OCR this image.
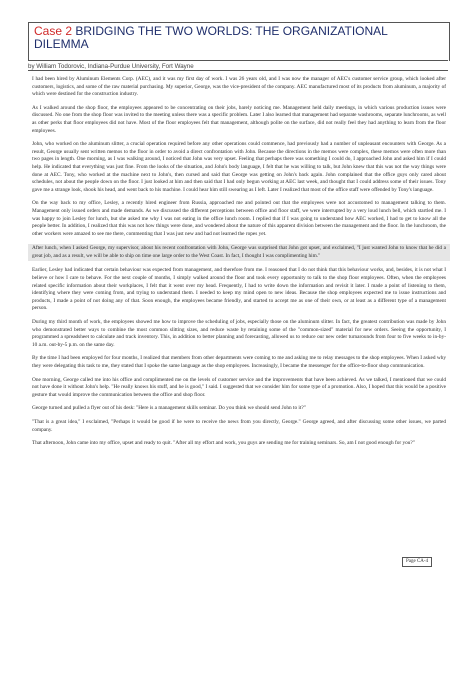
Case 2 BRIDGING THE TWO WORLDS: THE ORGANIZATIONAL DILEMMA
by William Todorovic, Indiana-Purdue University, Fort Wayne

I had been hired by Aluminum Elements Corp. (AEC), and it was my first day of work. I was 26 years old, and I was now the manager of AEC's customer service group, which looked after customers, logistics, and some of the raw material purchasing. My superior, George, was the vice-president of the company. AEC manufactured most of its products from aluminum, a majority of which were destined for the construction industry.

As I walked around the shop floor, the employees appeared to be concentrating on their jobs, barely noticing me. Management held daily meetings, in which various production issues were discussed. No one from the shop floor was invited to the meeting unless there was a specific problem. Later I also learned that management had separate washrooms, separate lunchrooms, as well as other perks that floor employees did not have. Most of the floor employees felt that management, although polite on the surface, did not really feel they had anything to learn from the floor employees.

John, who worked on the aluminum slitter, a crucial operation required before any other operations could commence, had previously had a number of unpleasant encounters with George. As a result, George usually sent written memos to the floor in order to avoid a direct confrontation with John. Because the directions in the memos were complex, these memos were often more than two pages in length. One morning, as I was walking around, I noticed that John was very upset. Feeling that perhaps there was something I could do, I approached John and asked him if I could help. He indicated that everything was just fine. From the looks of the situation, and John's body language, I felt that he was willing to talk, but John knew that this was not the way things were done at AEC. Tony, who worked at the machine next to John's, then cursed and said that George was getting on John's back again. John complained that the office guys only cared about schedules, not about the people down on the floor. I just looked at him and then said that I had only begun working at AEC last week, and thought that I could address some of their issues. Tony gave me a strange look, shook his head, and went back to his machine. I could hear him still swearing as I left. Later I realized that most of the office staff were offended by Tony's language.

On the way back to my office, Lesley, a recently hired engineer from Russia, approached me and pointed out that the employees were not accustomed to management talking to them. Management only issued orders and made demands. As we discussed the different perceptions between office and floor staff, we were interrupted by a very loud lunch bell, which startled me. I was happy to join Lesley for lunch, but she asked me why I was not eating in the office lunch room. I replied that if I was going to understand how AEC worked, I had to get to know all the people better. In addition, I realized that this was not how things were done, and wondered about the nature of this apparent division between the management and the floor. In the lunchroom, the other workers were amazed to see me there, commenting that I was just new and had not learned the ropes yet.

After lunch, when I asked George, my supervisor, about his recent confrontation with John, George was surprised that John got upset, and exclaimed, "I just wanted John to know that he did a great job, and as a result, we will be able to ship on time one large order to the West Coast. In fact, I thought I was complimenting him."

Earlier, Lesley had indicated that certain behaviour was expected from management, and therefore from me. I reasoned that I do not think that this behaviour works, and, besides, it is not what I believe or how I care to behave. For the next couple of months, I simply walked around the floor and took every opportunity to talk to the shop floor employees. Often, when the employees related specific information about their workplaces, I felt that it went over my head. Frequently, I had to write down the information and revisit it later. I made a point of listening to them, identifying where they were coming from, and trying to understand them. I needed to keep my mind open to new ideas. Because the shop employees expected me to issue instructions and products, I made a point of not doing any of that. Soon enough, the employees became friendly, and started to accept me as one of their own, or at least as a different type of a management person.

During my third month of work, the employees showed me how to improve the scheduling of jobs, especially those on the aluminum slitter. In fact, the greatest contribution was made by John who demonstrated better ways to combine the most common slitting sizes, and reduce waste by retaining some of the "common-sized" material for new orders. Seeing the opportunity, I programmed a spreadsheet to calculate and track inventory. This, in addition to better planning and forecasting, allowed us to reduce our new order turnarounds from four to five weeks to in-by-10 a.m. out-by-5 p.m. on the same day.

By the time I had been employed for four months, I realized that members from other departments were coming to me and asking me to relay messages to the shop employees. When I asked why they were delegating this task to me, they stated that I spoke the same language as the shop employees. Increasingly, I became the messenger for the office-to-floor shop communication.

One morning, George called me into his office and complimented me on the levels of customer service and the improvements that have been achieved. As we talked, I mentioned that we could not have done it without John's help. "He really knows his stuff, and he is good," I said. I suggested that we consider him for some type of a promotion. Also, I hoped that this would be a positive gesture that would improve the communication between the office and shop floor.

George turned and pulled a flyer out of his desk: "Here is a management skills seminar. Do you think we should send John to it?"

"That is a great idea," I exclaimed, "Perhaps it would be good if he were to receive the news from you directly, George." George agreed, and after discussing some other issues, we parted company.

That afternoon, John came into my office, upset and ready to quit. "After all my effort and work, you guys are sending me for training seminars. So, am I not good enough for you?"

Page CA-4
